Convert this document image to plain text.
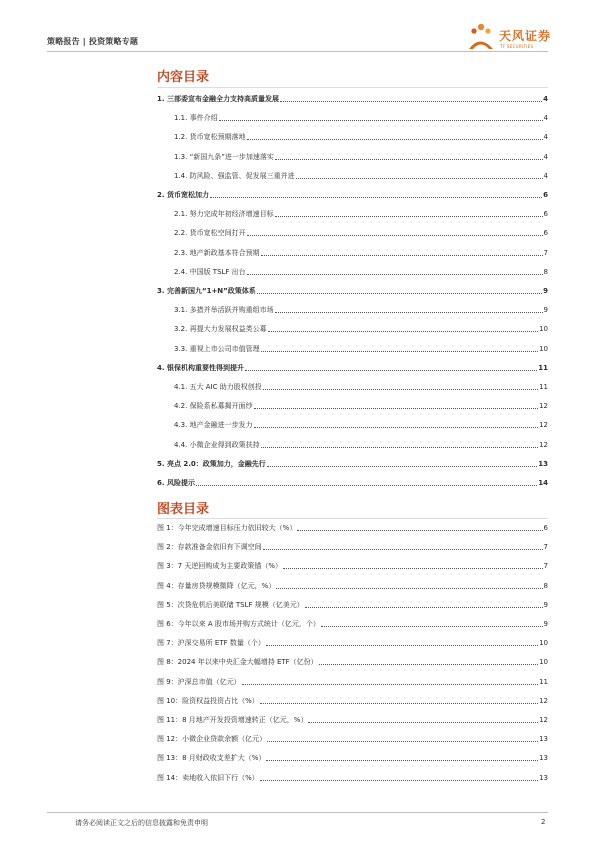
策略报告 | 投资策略专题	天风证券
TF SECURITIES
内容目录
1. 三部委宣布金融全力支持高质量发展	4
1.1. 事件介绍	4
1.2. 货币宽松预期落地	4
1.3. “新国九条”进一步加速落实	4
1.4. 防风险、强监管、促发展三重并进	4
2. 货币宽松加力	6
2.1. 努力完成年初经济增速目标	6
2.2. 货币宽松空间打开	6
2.3. 地产新政基本符合预期	7
2.4. 中国版 TSLF 出台	8
3. 完善新国九“1+N”政策体系	9
3.1. 多措并举活跃并购重组市场	9
3.2. 再提大力发展权益类公募	10
3.3. 重视上市公司市值管理	10
4. 银保机构重要性得到提升	11
4.1. 五大 AIC 助力股权创投	11
4.2. 保险系私募揭开面纱	12
4.3. 地产金融进一步发力	12
4.4. 小微企业得到政策扶持	12
5. 亮点 2.0：政策加力，金融先行	13
6. 风险提示	14
图表目录
图 1：今年完成增速目标压力依旧较大（%）	6
图 2：存款准备金依旧有下调空间	7
图 3：7 天逆回购成为主要政策锚（%）	7
图 4：存量房贷规模微降（亿元，%）	8
图 5：次贷危机后美联储 TSLF 规模（亿美元）	9
图 6：今年以来 A 股市场并购方式统计（亿元，个）	9
图 7：沪深交易所 ETF 数量（个）	10
图 8：2024 年以来中央汇金大幅增持 ETF（亿份）	10
图 9：沪深总市值（亿元）	11
图 10：险资权益投资占比（%）	12
图 11：8 月地产开发投资增速转正（亿元，%）	12
图 12：小微企业贷款余额（亿元）	13
图 13：8 月财政收支差扩大（%）	13
图 14：卖地收入依旧下行（%）	13
请务必阅读正文之后的信息披露和免责申明	2
